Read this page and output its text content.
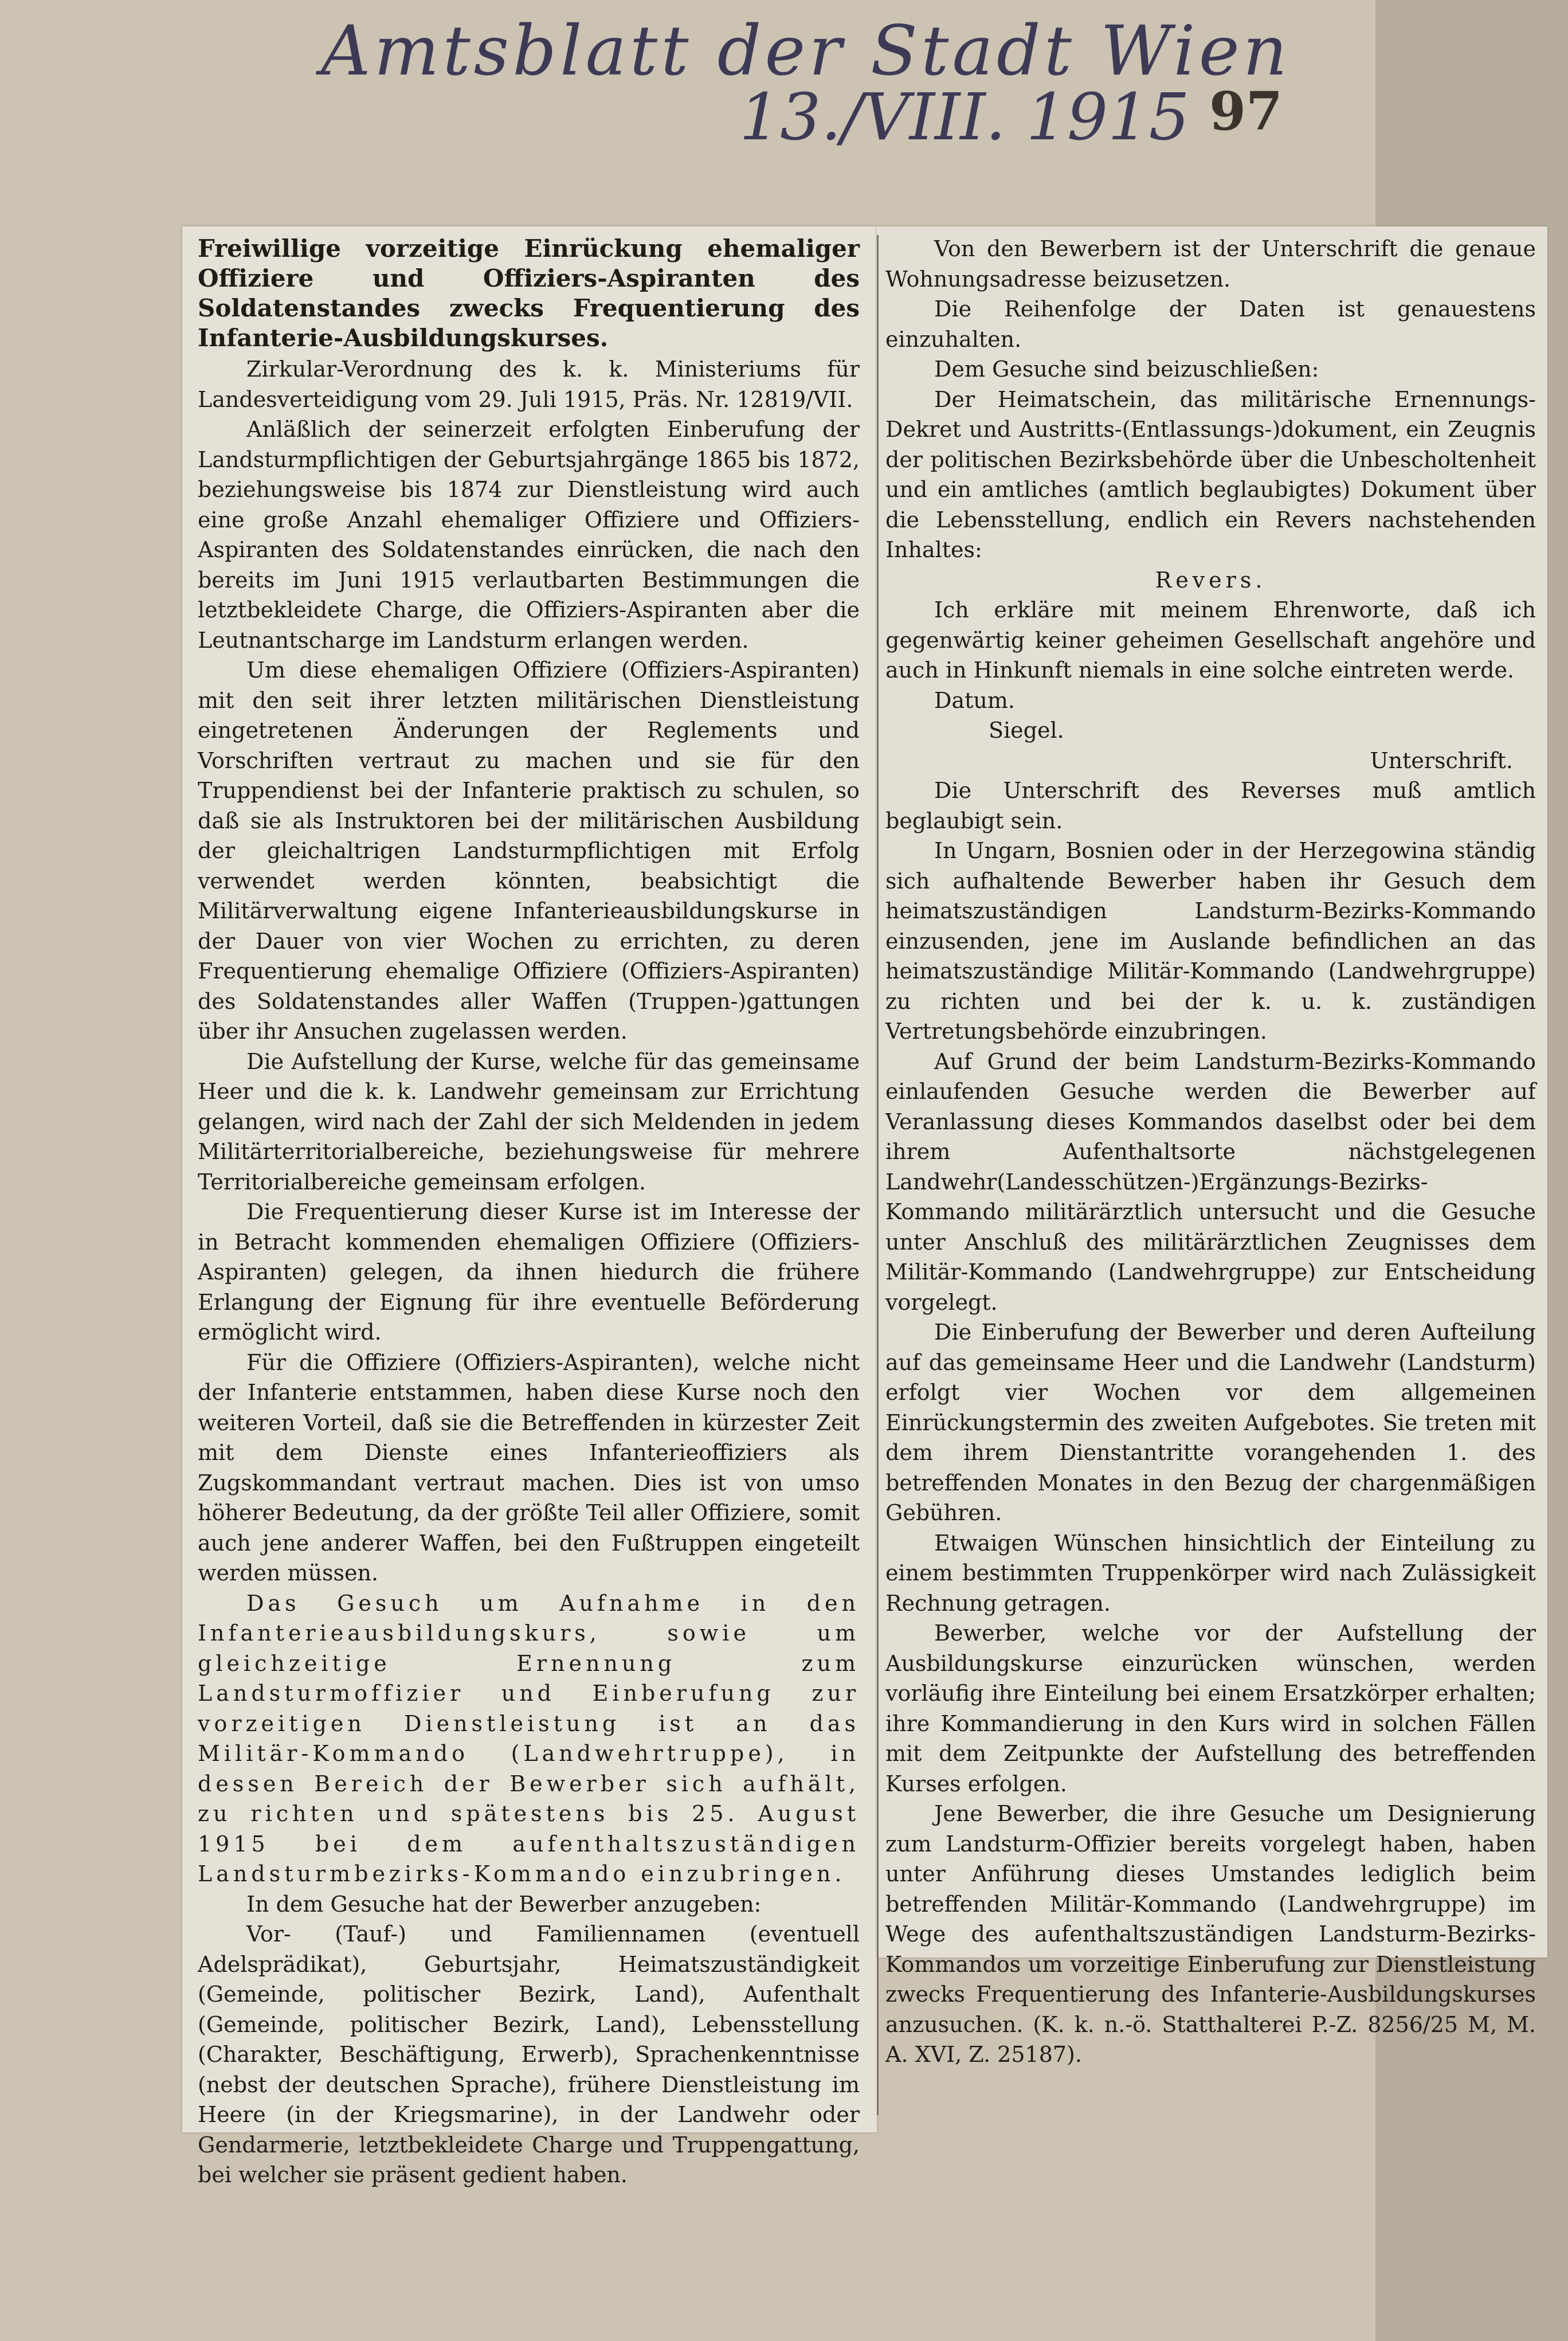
Amtsblatt der Stadt Wien
13./VIII. 1915 97

Freiwillige vorzeitige Einrückung ehemaliger Offiziere und Offiziers-Aspiranten des Soldatenstandes zwecks Frequentierung des Infanterie-Ausbildungskurses.

Zirkular-Verordnung des k. k. Ministeriums für Landesverteidigung vom 29. Juli 1915, Präs. Nr. 12819/VII.

Anläßlich der seinerzeit erfolgten Einberufung der Landsturmpflichtigen der Geburtsjahrgänge 1865 bis 1872, beziehungsweise bis 1874 zur Dienstleistung wird auch eine große Anzahl ehemaliger Offiziere und Offiziers-Aspiranten des Soldatenstandes einrücken, die nach den bereits im Juni 1915 verlautbarten Bestimmungen die letztbekleidete Charge, die Offiziers-Aspiranten aber die Leutnantscharge im Landsturm erlangen werden.

Um diese ehemaligen Offiziere (Offiziers-Aspiranten) mit den seit ihrer letzten militärischen Dienstleistung eingetretenen Änderungen der Reglements und Vorschriften vertraut zu machen und sie für den Truppendienst bei der Infanterie praktisch zu schulen, so daß sie als Instruktoren bei der militärischen Ausbildung der gleichaltrigen Landsturmpflichtigen mit Erfolg verwendet werden könnten, beabsichtigt die Militärverwaltung eigene Infanterieausbildungskurse in der Dauer von vier Wochen zu errichten, zu deren Frequentierung ehemalige Offiziere (Offiziers-Aspiranten) des Soldatenstandes aller Waffen (Truppen-)gattungen über ihr Ansuchen zugelassen werden.

Die Aufstellung der Kurse, welche für das gemeinsame Heer und die k. k. Landwehr gemeinsam zur Errichtung gelangen, wird nach der Zahl der sich Meldenden in jedem Militärterritorialbereiche, beziehungsweise für mehrere Territorialbereiche gemeinsam erfolgen.

Die Frequentierung dieser Kurse ist im Interesse der in Betracht kommenden ehemaligen Offiziere (Offiziers-Aspiranten) gelegen, da ihnen hiedurch die frühere Erlangung der Eignung für ihre eventuelle Beförderung ermöglicht wird.

Für die Offiziere (Offiziers-Aspiranten), welche nicht der Infanterie entstammen, haben diese Kurse noch den weiteren Vorteil, daß sie die Betreffenden in kürzester Zeit mit dem Dienste eines Infanterieoffiziers als Zugskommandant vertraut machen. Dies ist von umso höherer Bedeutung, da der größte Teil aller Offiziere, somit auch jene anderer Waffen, bei den Fußtruppen eingeteilt werden müssen.

Das Gesuch um Aufnahme in den Infanterieausbildungskurs, sowie um gleichzeitige Ernennung zum Landsturmoffizier und Einberufung zur vorzeitigen Dienstleistung ist an das Militär-Kommando (Landwehrtruppe), in dessen Bereich der Bewerber sich aufhält, zu richten und spätestens bis 25. August 1915 bei dem aufenthaltszuständigen Landsturmbezirks-Kommando einzubringen.

In dem Gesuche hat der Bewerber anzugeben:

Vor- (Tauf-) und Familiennamen (eventuell Adelsprädikat), Geburtsjahr, Heimatszuständigkeit (Gemeinde, politischer Bezirk, Land), Aufenthalt (Gemeinde, politischer Bezirk, Land), Lebensstellung (Charakter, Beschäftigung, Erwerb), Sprachenkenntnisse (nebst der deutschen Sprache), frühere Dienstleistung im Heere (in der Kriegsmarine), in der Landwehr oder Gendarmerie, letztbekleidete Charge und Truppengattung, bei welcher sie präsent gedient haben.

Von den Bewerbern ist der Unterschrift die genaue Wohnungsadresse beizusetzen.

Die Reihenfolge der Daten ist genauestens einzuhalten.

Dem Gesuche sind beizuschließen:

Der Heimatschein, das militärische Ernennungs-Dekret und Austritts-(Entlassungs-)dokument, ein Zeugnis der politischen Bezirksbehörde über die Unbescholtenheit und ein amtliches (amtlich beglaubigtes) Dokument über die Lebensstellung, endlich ein Revers nachstehenden Inhaltes:

Revers.

Ich erkläre mit meinem Ehrenworte, daß ich gegenwärtig keiner geheimen Gesellschaft angehöre und auch in Hinkunft niemals in eine solche eintreten werde.

Datum.

Siegel.

Unterschrift.

Die Unterschrift des Reverses muß amtlich beglaubigt sein.

In Ungarn, Bosnien oder in der Herzegowina ständig sich aufhaltende Bewerber haben ihr Gesuch dem heimatszuständigen Landsturm-Bezirks-Kommando einzusenden, jene im Auslande befindlichen an das heimatszuständige Militär-Kommando (Landwehrgruppe) zu richten und bei der k. u. k. zuständigen Vertretungsbehörde einzubringen.

Auf Grund der beim Landsturm-Bezirks-Kommando einlaufenden Gesuche werden die Bewerber auf Veranlassung dieses Kommandos daselbst oder bei dem ihrem Aufenthaltsorte nächstgelegenen Landwehr(Landesschützen-)Ergänzungs-Bezirks-Kommando militärärztlich untersucht und die Gesuche unter Anschluß des militärärztlichen Zeugnisses dem Militär-Kommando (Landwehrgruppe) zur Entscheidung vorgelegt.

Die Einberufung der Bewerber und deren Aufteilung auf das gemeinsame Heer und die Landwehr (Landsturm) erfolgt vier Wochen vor dem allgemeinen Einrückungstermin des zweiten Aufgebotes. Sie treten mit dem ihrem Dienstantritte vorangehenden 1. des betreffenden Monates in den Bezug der chargenmäßigen Gebühren.

Etwaigen Wünschen hinsichtlich der Einteilung zu einem bestimmten Truppenkörper wird nach Zulässigkeit Rechnung getragen.

Bewerber, welche vor der Aufstellung der Ausbildungskurse einzurücken wünschen, werden vorläufig ihre Einteilung bei einem Ersatzkörper erhalten; ihre Kommandierung in den Kurs wird in solchen Fällen mit dem Zeitpunkte der Aufstellung des betreffenden Kurses erfolgen.

Jene Bewerber, die ihre Gesuche um Designierung zum Landsturm-Offizier bereits vorgelegt haben, haben unter Anführung dieses Umstandes lediglich beim betreffenden Militär-Kommando (Landwehrgruppe) im Wege des aufenthaltszuständigen Landsturm-Bezirks-Kommandos um vorzeitige Einberufung zur Dienstleistung zwecks Frequentierung des Infanterie-Ausbildungskurses anzusuchen. (K. k. n.-ö. Statthalterei P.-Z. 8256/25 M, M. A. XVI, Z. 25187).
